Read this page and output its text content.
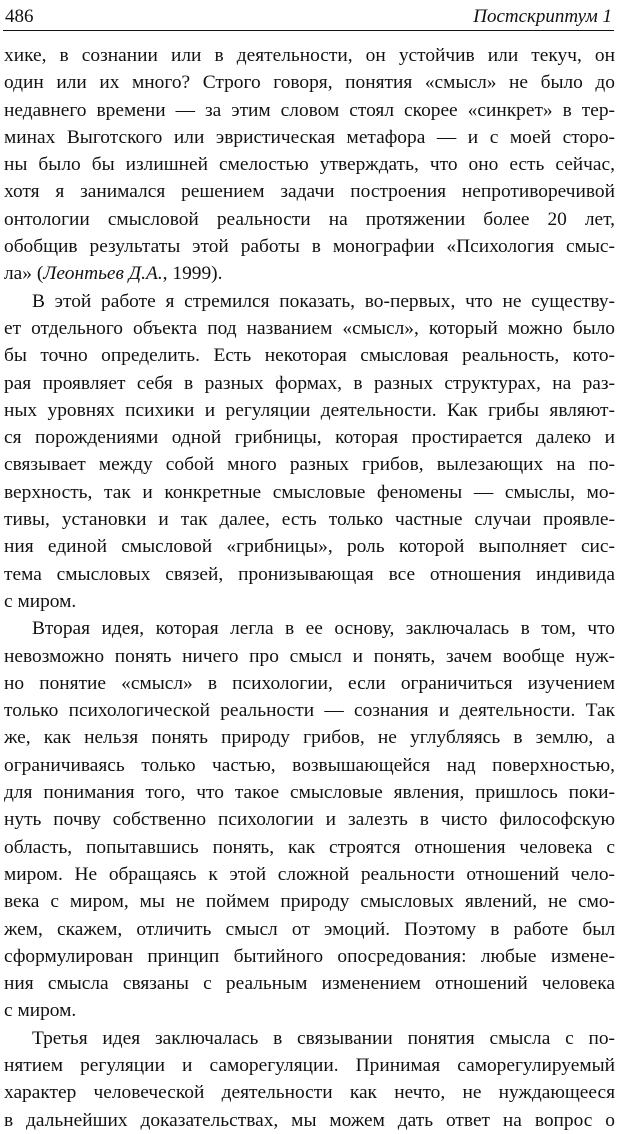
486	Постскриптум 1
хике, в сознании или в деятельности, он устойчив или текуч, он
один или их много? Строго говоря, понятия «смысл» не было до
недавнего времени — за этим словом стоял скорее «синкрет» в тер-
минах Выготского или эвристическая метафора — и с моей сторо-
ны было бы излишней смелостью утверждать, что оно есть сейчас,
хотя я занимался решением задачи построения непротиворечивой
онтологии смысловой реальности на протяжении более 20 лет,
обобщив результаты этой работы в монографии «Психология смыс-
ла» (Леонтьев Д.А., 1999).
В этой работе я стремился показать, во-первых, что не существу-
ет отдельного объекта под названием «смысл», который можно было
бы точно определить. Есть некоторая смысловая реальность, кото-
рая проявляет себя в разных формах, в разных структурах, на раз-
ных уровнях психики и регуляции деятельности. Как грибы являют-
ся порождениями одной грибницы, которая простирается далеко и
связывает между собой много разных грибов, вылезающих на по-
верхность, так и конкретные смысловые феномены — смыслы, мо-
тивы, установки и так далее, есть только частные случаи проявле-
ния единой смысловой «грибницы», роль которой выполняет сис-
тема смысловых связей, пронизывающая все отношения индивида
с миром.
Вторая идея, которая легла в ее основу, заключалась в том, что
невозможно понять ничего про смысл и понять, зачем вообще нуж-
но понятие «смысл» в психологии, если ограничиться изучением
только психологической реальности — сознания и деятельности. Так
же, как нельзя понять природу грибов, не углубляясь в землю, а
ограничиваясь только частью, возвышающейся над поверхностью,
для понимания того, что такое смысловые явления, пришлось поки-
нуть почву собственно психологии и залезть в чисто философскую
область, попытавшись понять, как строятся отношения человека с
миром. Не обращаясь к этой сложной реальности отношений чело-
века с миром, мы не поймем природу смысловых явлений, не смо-
жем, скажем, отличить смысл от эмоций. Поэтому в работе был
сформулирован принцип бытийного опосредования: любые измене-
ния смысла связаны с реальным изменением отношений человека
с миром.
Третья идея заключалась в связывании понятия смысла с по-
нятием регуляции и саморегуляции. Принимая саморегулируемый
характер человеческой деятельности как нечто, не нуждающееся
в дальнейших доказательствах, мы можем дать ответ на вопрос о
